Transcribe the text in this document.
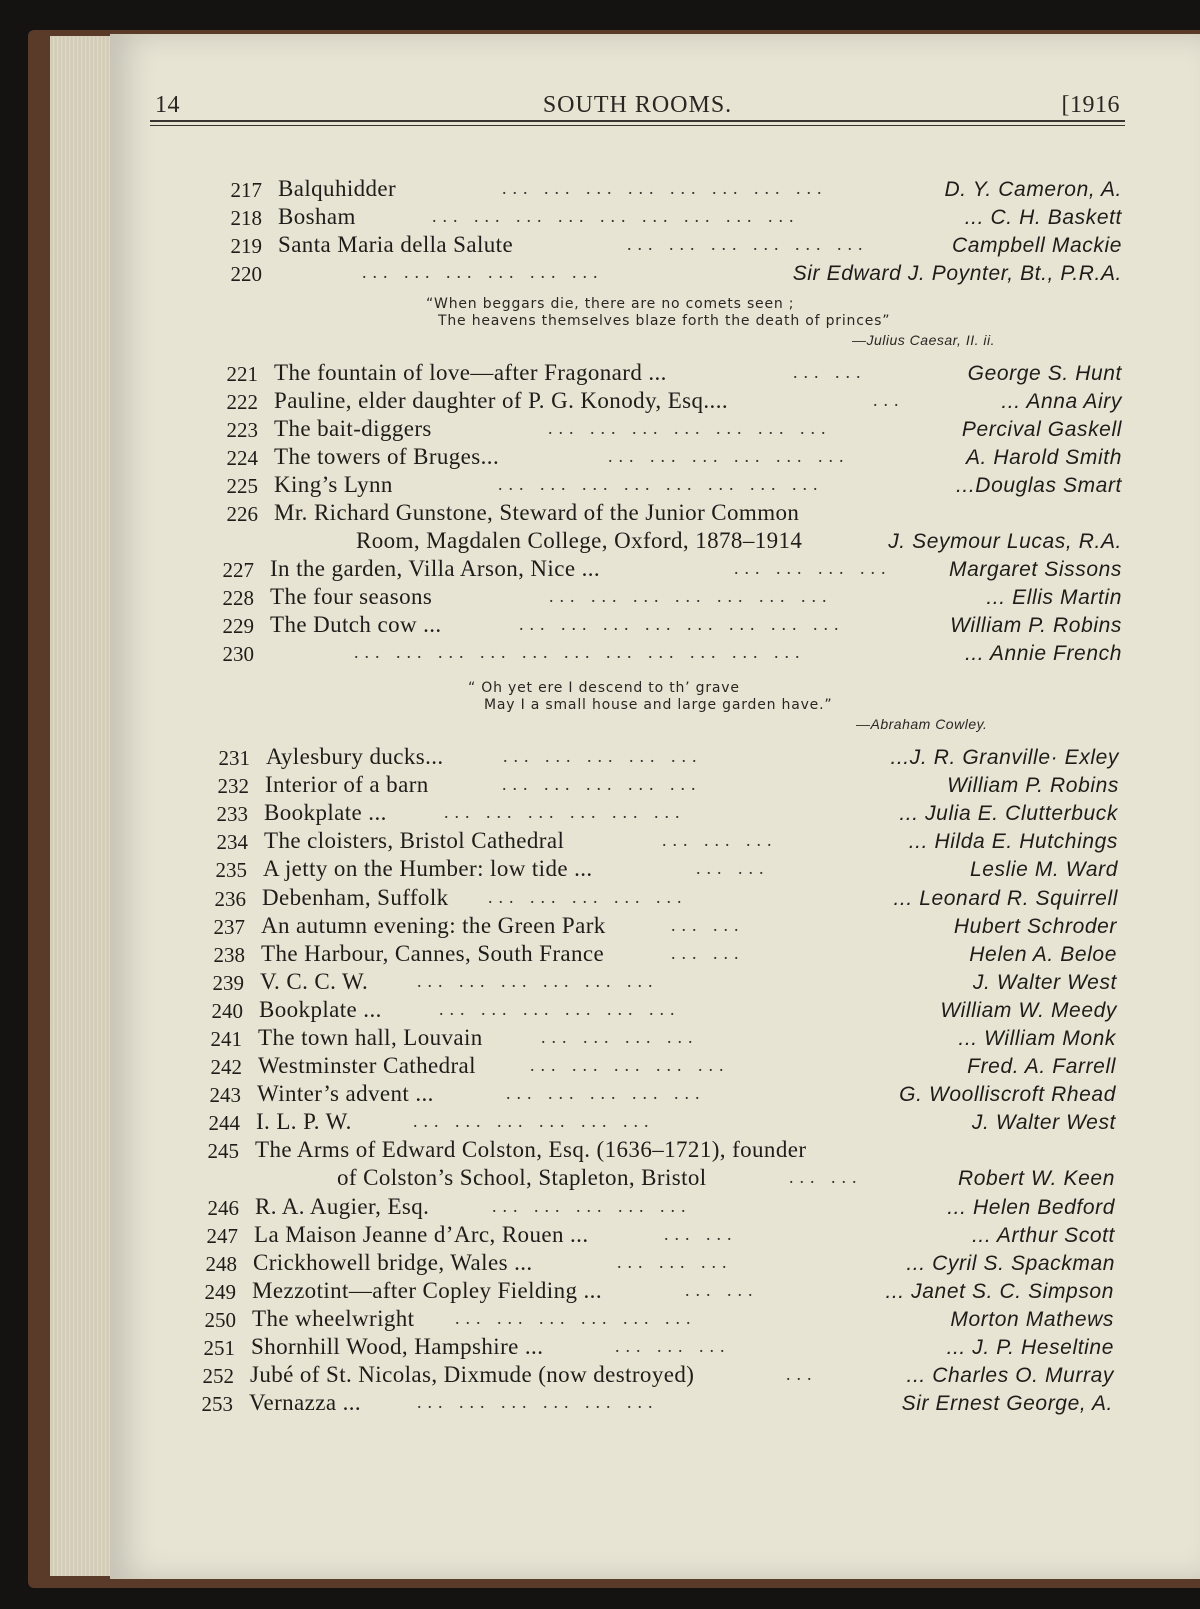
14	SOUTH ROOMS.	[1916
217 Balquhidder	... ... ... ... ... ... ... ...	D. Y. Cameron, A.
218 Bosham	... ... ... ... ... ... ... ... ...	... C. H. Baskett
219 Santa Maria della Salute	... ... ... ... ... ...	Campbell Mackie
220	... ... ... ... ... ...	Sir Edward J. Poynter, Bt., P.R.A.
“When beggars die, there are no comets seen ;
The heavens themselves blaze forth the death of princes”
—Julius Caesar, II. ii.
221 The fountain of love—after Fragonard ...	... ...	George S. Hunt
222 Pauline, elder daughter of P. G. Konody, Esq....	...	... Anna Airy
223 The bait-diggers	... ... ... ... ... ... ...	Percival Gaskell
224 The towers of Bruges...	... ... ... ... ... ...	A. Harold Smith
225 King’s Lynn	... ... ... ... ... ... ... ...	...Douglas Smart
226 Mr. Richard Gunstone, Steward of the Junior Common
Room, Magdalen College, Oxford, 1878–1914	J. Seymour Lucas, R.A.
227 In the garden, Villa Arson, Nice ...	... ... ... ...	Margaret Sissons
228 The four seasons	... ... ... ... ... ... ...	... Ellis Martin
229 The Dutch cow ...	... ... ... ... ... ... ... ...	William P. Robins
230	... ... ... ... ... ... ... ... ... ... ...	... Annie French
“ Oh yet ere I descend to th’ grave
May I a small house and large garden have.”
—Abraham Cowley.
231 Aylesbury ducks...	... ... ... ... ...	...J. R. Granville· Exley
232 Interior of a barn	... ... ... ... ...	William P. Robins
233 Bookplate ...	... ... ... ... ... ...	... Julia E. Clutterbuck
234 The cloisters, Bristol Cathedral	... ... ...	... Hilda E. Hutchings
235 A jetty on the Humber: low tide ...	... ...	Leslie M. Ward
236 Debenham, Suffolk ... ... ... ... ...	... Leonard R. Squirrell
237 An autumn evening: the Green Park	... ...	Hubert Schroder
238 The Harbour, Cannes, South France	... ...	Helen A. Beloe
239 V. C. C. W.	... ... ... ... ... ...	J. Walter West
240 Bookplate ...	... ... ... ... ... ...	William W. Meedy
241 The town hall, Louvain	... ... ... ...	... William Monk
242 Westminster Cathedral	... ... ... ... ...	Fred. A. Farrell
243 Winter’s advent ...	... ... ... ... ...	G. Woolliscroft Rhead
244 I. L. P. W.	... ... ... ... ... ...	J. Walter West
245 The Arms of Edward Colston, Esq. (1636–1721), founder
of Colston’s School, Stapleton, Bristol	... ...	Robert W. Keen
246 R. A. Augier, Esq.	... ... ... ... ...	... Helen Bedford
247 La Maison Jeanne d’Arc, Rouen ...	... ...	... Arthur Scott
248 Crickhowell bridge, Wales ...	... ... ...	... Cyril S. Spackman
249 Mezzotint—after Copley Fielding ...	... ...	... Janet S. C. Simpson
250 The wheelwright ... ... ... ... ... ...	Morton Mathews
251 Shornhill Wood, Hampshire ...	... ... ...	... J. P. Heseltine
252 Jubé of St. Nicolas, Dixmude (now destroyed)	...	... Charles O. Murray
253 Vernazza ...	... ... ... ... ... ...	Sir Ernest George, A.
